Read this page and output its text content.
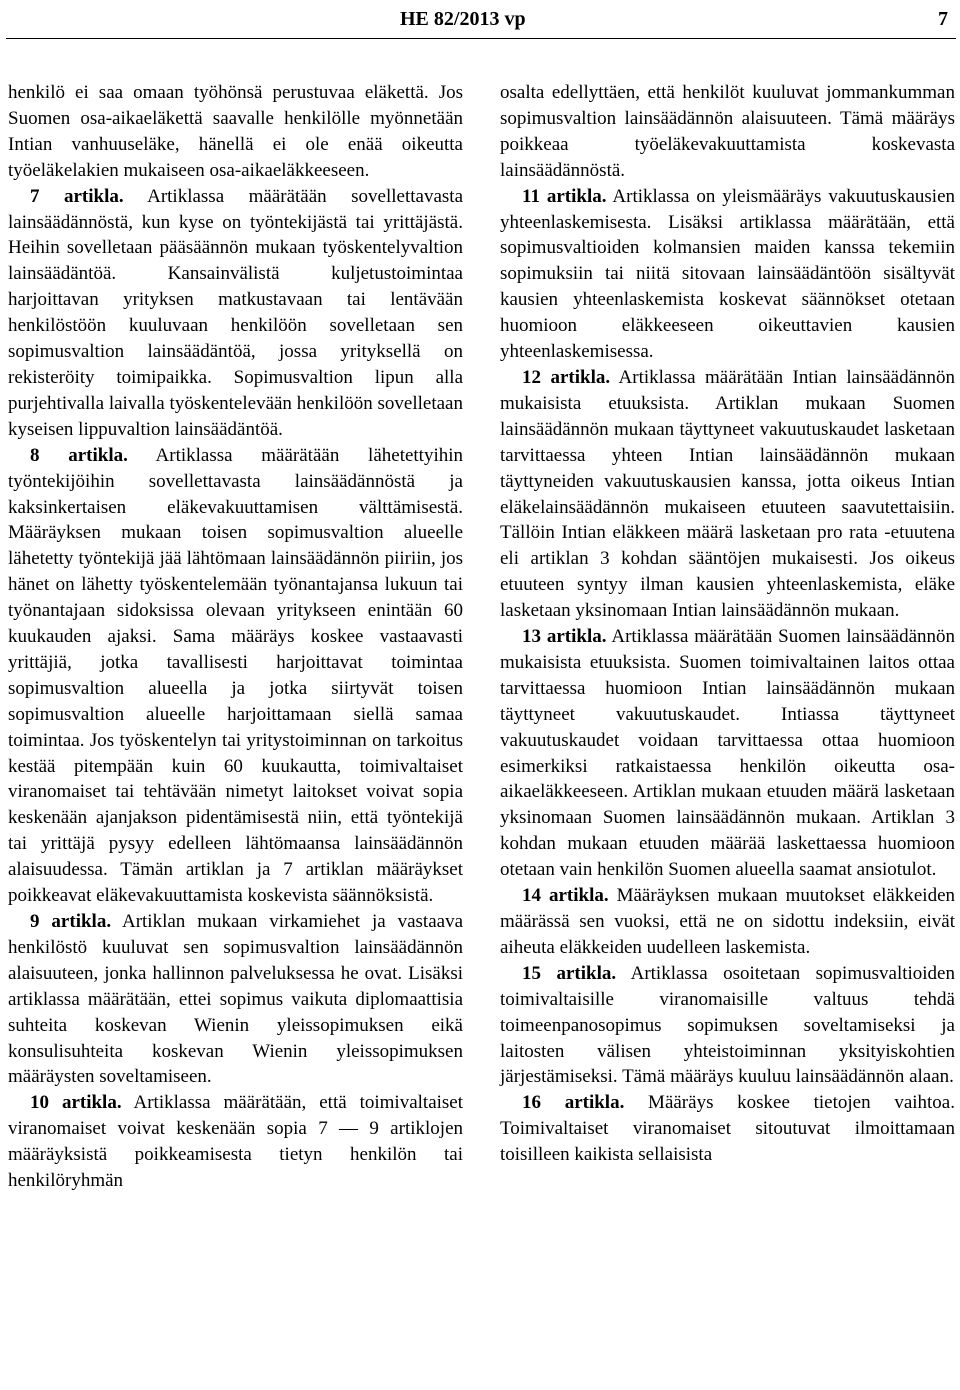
HE 82/2013 vp	7

henkilö ei saa omaan työhönsä perustuvaa eläkettä. Jos Suomen osa-aikaeläkettä saavalle henkilölle myönnetään Intian vanhuuseläke, hänellä ei ole enää oikeutta työeläkelakien mukaiseen osa-aikaeläkkeeseen.

7 artikla. Artiklassa määrätään sovellettavasta lainsäädännöstä, kun kyse on työntekijästä tai yrittäjästä. Heihin sovelletaan pääsäännön mukaan työskentelyvaltion lainsäädäntöä. Kansainvälistä kuljetustoimintaa harjoittavan yrityksen matkustavaan tai lentävään henkilöstöön kuuluvaan henkilöön sovelletaan sen sopimusvaltion lainsäädäntöä, jossa yrityksellä on rekisteröity toimipaikka. Sopimusvaltion lipun alla purjehtivalla laivalla työskentelevään henkilöön sovelletaan kyseisen lippuvaltion lainsäädäntöä.

8 artikla. Artiklassa määrätään lähetettyihin työntekijöihin sovellettavasta lainsäädännöstä ja kaksinkertaisen eläkevakuuttamisen välttämisestä. Määräyksen mukaan toisen sopimusvaltion alueelle lähetetty työntekijä jää lähtömaan lainsäädännön piiriin, jos hänet on lähetty työskentelemään työnantajansa lukuun tai työnantajaan sidoksissa olevaan yritykseen enintään 60 kuukauden ajaksi. Sama määräys koskee vastaavasti yrittäjiä, jotka tavallisesti harjoittavat toimintaa sopimusvaltion alueella ja jotka siirtyvät toisen sopimusvaltion alueelle harjoittamaan siellä samaa toimintaa. Jos työskentelyn tai yritystoiminnan on tarkoitus kestää pitempään kuin 60 kuukautta, toimivaltaiset viranomaiset tai tehtävään nimetyt laitokset voivat sopia keskenään ajanjakson pidentämisestä niin, että työntekijä tai yrittäjä pysyy edelleen lähtömaansa lainsäädännön alaisuudessa. Tämän artiklan ja 7 artiklan määräykset poikkeavat eläkevakuuttamista koskevista säännöksistä.

9 artikla. Artiklan mukaan virkamiehet ja vastaava henkilöstö kuuluvat sen sopimusvaltion lainsäädännön alaisuuteen, jonka hallinnon palveluksessa he ovat. Lisäksi artiklassa määrätään, ettei sopimus vaikuta diplomaattisia suhteita koskevan Wienin yleissopimuksen eikä konsulisuhteita koskevan Wienin yleissopimuksen määräysten soveltamiseen.

10 artikla. Artiklassa määrätään, että toimivaltaiset viranomaiset voivat keskenään sopia 7 — 9 artiklojen määräyksistä poikkeamisesta tietyn henkilön tai henkilöryhmän

osalta edellyttäen, että henkilöt kuuluvat jommankumman sopimusvaltion lainsäädännön alaisuuteen. Tämä määräys poikkeaa työeläkevakuuttamista koskevasta lainsäädännöstä.

11 artikla. Artiklassa on yleismääräys vakuutuskausien yhteenlaskemisesta. Lisäksi artiklassa määrätään, että sopimusvaltioiden kolmansien maiden kanssa tekemiin sopimuksiin tai niitä sitovaan lainsäädäntöön sisältyvät kausien yhteenlaskemista koskevat säännökset otetaan huomioon eläkkeeseen oikeuttavien kausien yhteenlaskemisessa.

12 artikla. Artiklassa määrätään Intian lainsäädännön mukaisista etuuksista. Artiklan mukaan Suomen lainsäädännön mukaan täyttyneet vakuutuskaudet lasketaan tarvittaessa yhteen Intian lainsäädännön mukaan täyttyneiden vakuutuskausien kanssa, jotta oikeus Intian eläkelainsäädännön mukaiseen etuuteen saavutettaisiin. Tällöin Intian eläkkeen määrä lasketaan pro rata -etuutena eli artiklan 3 kohdan sääntöjen mukaisesti. Jos oikeus etuuteen syntyy ilman kausien yhteenlaskemista, eläke lasketaan yksinomaan Intian lainsäädännön mukaan.

13 artikla. Artiklassa määrätään Suomen lainsäädännön mukaisista etuuksista. Suomen toimivaltainen laitos ottaa tarvittaessa huomioon Intian lainsäädännön mukaan täyttyneet vakuutuskaudet. Intiassa täyttyneet vakuutuskaudet voidaan tarvittaessa ottaa huomioon esimerkiksi ratkaistaessa henkilön oikeutta osa-aikaeläkkeeseen. Artiklan mukaan etuuden määrä lasketaan yksinomaan Suomen lainsäädännön mukaan. Artiklan 3 kohdan mukaan etuuden määrää laskettaessa huomioon otetaan vain henkilön Suomen alueella saamat ansiotulot.

14 artikla. Määräyksen mukaan muutokset eläkkeiden määrässä sen vuoksi, että ne on sidottu indeksiin, eivät aiheuta eläkkeiden uudelleen laskemista.

15 artikla. Artiklassa osoitetaan sopimusvaltioiden toimivaltaisille viranomaisille valtuus tehdä toimeenpanosopimus sopimuksen soveltamiseksi ja laitosten välisen yhteistoiminnan yksityiskohtien järjestämiseksi. Tämä määräys kuuluu lainsäädännön alaan.

16 artikla. Määräys koskee tietojen vaihtoa. Toimivaltaiset viranomaiset sitoutuvat ilmoittamaan toisilleen kaikista sellaisista
